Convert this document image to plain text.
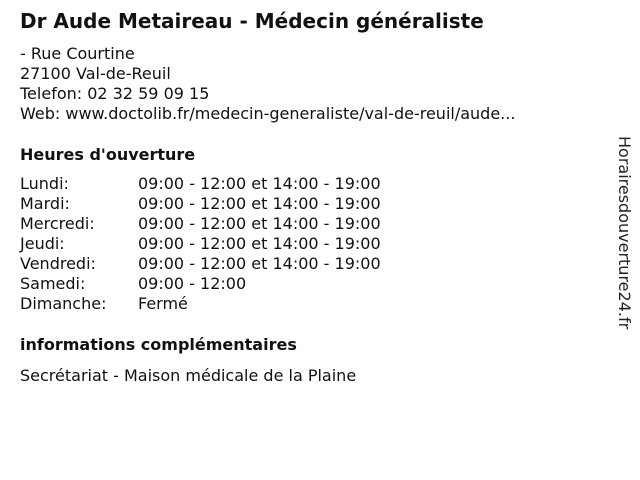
Dr Aude Metaireau - Médecin généraliste
- Rue Courtine
27100 Val-de-Reuil
Telefon: 02 32 59 09 15
Web: www.doctolib.fr/medecin-generaliste/val-de-reuil/aude...
Heures d'ouverture
Lundi:	09:00 - 12:00 et 14:00 - 19:00
Mardi:	09:00 - 12:00 et 14:00 - 19:00
Mercredi:	09:00 - 12:00 et 14:00 - 19:00
Jeudi:	09:00 - 12:00 et 14:00 - 19:00
Vendredi:	09:00 - 12:00 et 14:00 - 19:00
Samedi:	09:00 - 12:00
Dimanche: Fermé
informations complémentaires
Secrétariat - Maison médicale de la Plaine
Horairesdouverture24.fr
